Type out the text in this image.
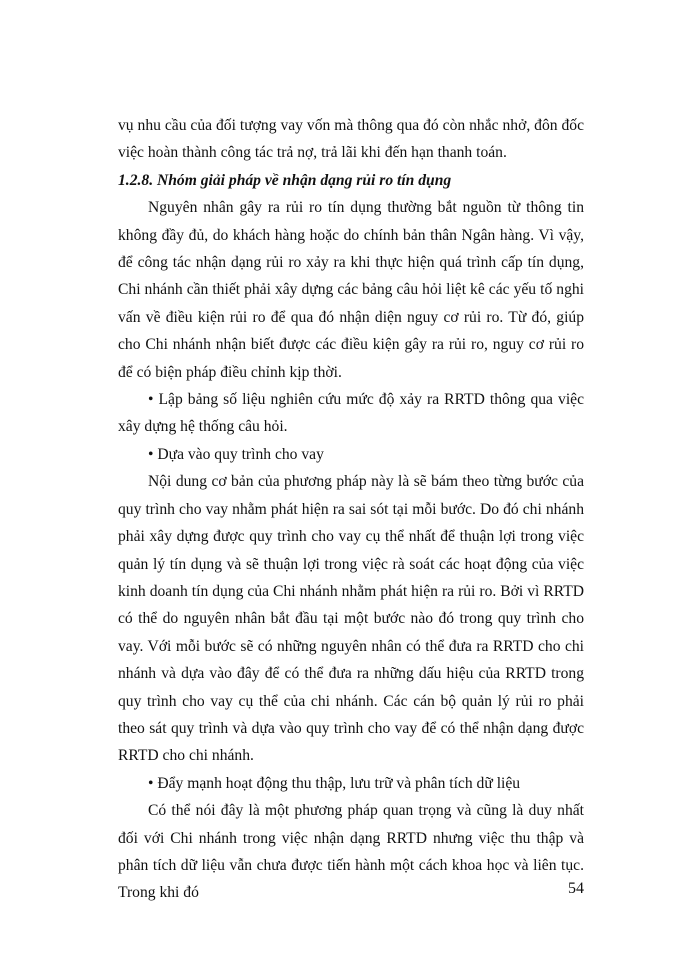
vụ nhu cầu của đối tượng vay vốn mà thông qua đó còn nhắc nhở, đôn đốc việc hoàn thành công tác trả nợ, trả lãi khi đến hạn thanh toán.

1.2.8. Nhóm giải pháp về nhận dạng rủi ro tín dụng

Nguyên nhân gây ra rủi ro tín dụng thường bắt nguồn từ thông tin không đầy đủ, do khách hàng hoặc do chính bản thân Ngân hàng. Vì vậy, để công tác nhận dạng rủi ro xảy ra khi thực hiện quá trình cấp tín dụng, Chi nhánh cần thiết phải xây dựng các bảng câu hỏi liệt kê các yếu tố nghi vấn về điều kiện rủi ro để qua đó nhận diện nguy cơ rủi ro. Từ đó, giúp cho Chi nhánh nhận biết được các điều kiện gây ra rủi ro, nguy cơ rủi ro để có biện pháp điều chỉnh kịp thời.

• Lập bảng số liệu nghiên cứu mức độ xảy ra RRTD thông qua việc xây dựng hệ thống câu hỏi.

• Dựa vào quy trình cho vay

Nội dung cơ bản của phương pháp này là sẽ bám theo từng bước của quy trình cho vay nhằm phát hiện ra sai sót tại mỗi bước. Do đó chi nhánh phải xây dựng được quy trình cho vay cụ thể nhất để thuận lợi trong việc quản lý tín dụng và sẽ thuận lợi trong việc rà soát các hoạt động của việc kinh doanh tín dụng của Chi nhánh nhằm phát hiện ra rủi ro. Bởi vì RRTD có thể do nguyên nhân bắt đầu tại một bước nào đó trong quy trình cho vay. Với mỗi bước sẽ có những nguyên nhân có thể đưa ra RRTD cho chi nhánh và dựa vào đây để có thể đưa ra những dấu hiệu của RRTD trong quy trình cho vay cụ thể của chi nhánh. Các cán bộ quản lý rủi ro phải theo sát quy trình và dựa vào quy trình cho vay để có thể nhận dạng được RRTD cho chi nhánh.

• Đẩy mạnh hoạt động thu thập, lưu trữ và phân tích dữ liệu

Có thể nói đây là một phương pháp quan trọng và cũng là duy nhất đối với Chi nhánh trong việc nhận dạng RRTD nhưng việc thu thập và phân tích dữ liệu vẫn chưa được tiến hành một cách khoa học và liên tục. Trong khi đó	54
